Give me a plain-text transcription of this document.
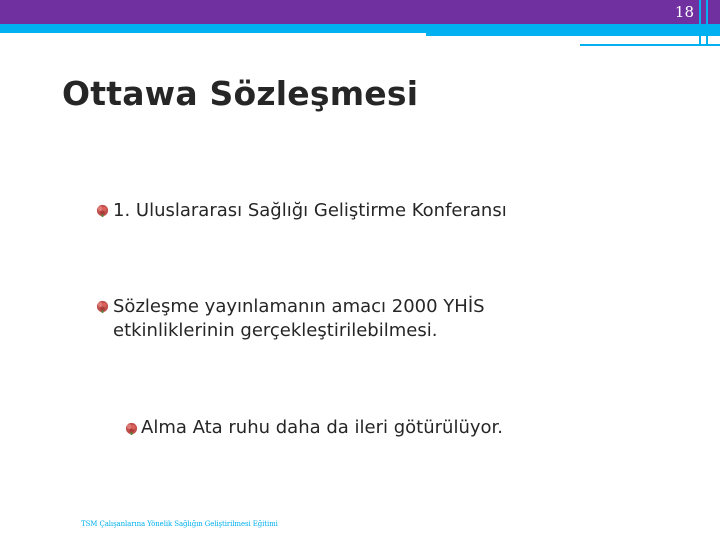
18
Ottawa Sözleşmesi
1. Uluslararası Sağlığı Geliştirme Konferansı
Sözleşme yayınlamanın amacı 2000 YHİS etkinliklerinin gerçekleştirilebilmesi.
Alma Ata ruhu daha da ileri götürülüyor.
TSM Çalışanlarına Yönelik Sağlığın Geliştirilmesi Eğitimi
